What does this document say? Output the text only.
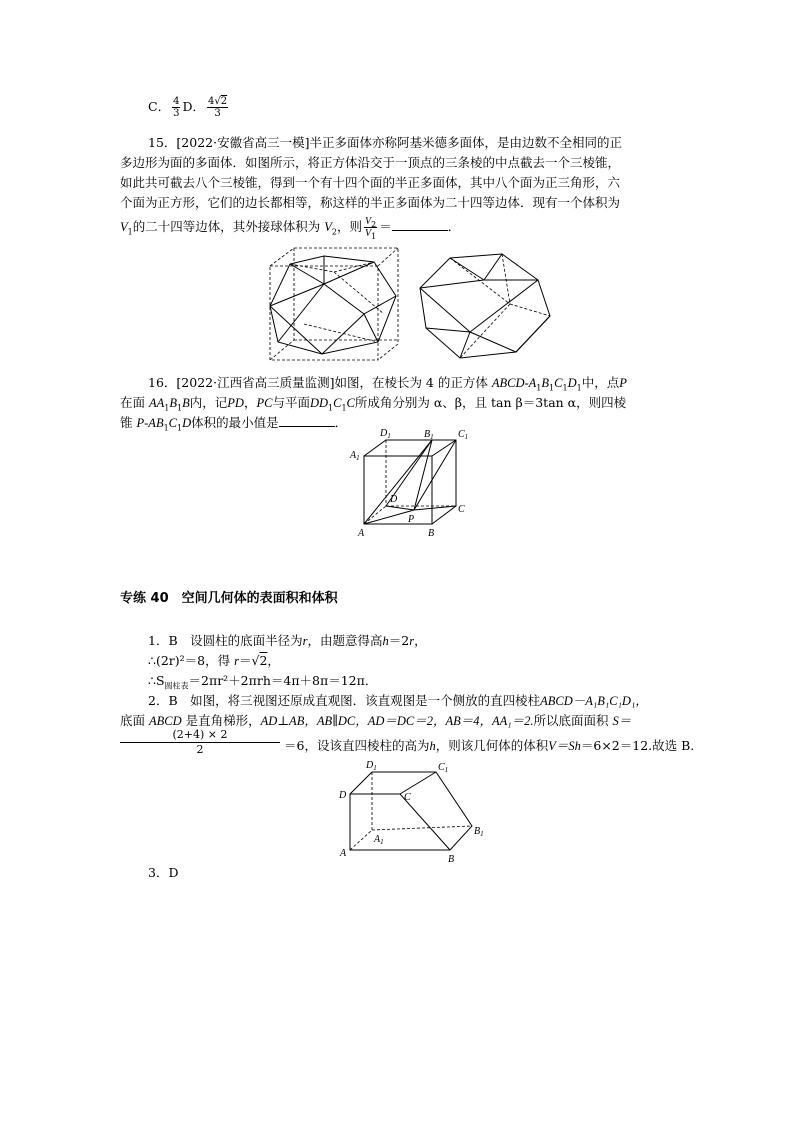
C． $\frac{4}{3}$ D． $\frac{4√2}{3}$
15．[2022·安徽省高三一模]半正多面体亦称阿基米德多面体，是由边数不全相同的正
多边形为面的多面体．如图所示，将正方体沿交于一顶点的三条棱的中点截去一个三棱锥，
如此共可截去八个三棱锥，得到一个有十四个面的半正多面体，其中八个面为正三角形，六
个面为正方形，它们的边长都相等，称这样的半正多面体为二十四等边体．现有一个体积为
$V_1$的二十四等边体，其外接球体积为 $V_2$，则 $\frac{V_2}{V_1}$ ＝	．
16．[2022·江西省高三质量监测]如图，在棱长为 4 的正方体 ABCD-$A_1B_1C_1D_1$中，点P
在面 $AA_1B_1B$内，记PD，PC与平面$DD_1C_1C$所成角分别为 α、β，且 tan β＝3tan α，则四棱
锥 $P-AB_1C_1D$体积的最小值是	．
$D_1$	$B_1$ $C_1$
$A_1$
D
C
A	B
P
专练 40　空间几何体的表面积和体积
1．B　设圆柱的底面半径为r，由题意得高h＝2r，
∴(2r)²＝8，得 r＝√2，
$\therefore S_{圆柱表}=2\pi r^2+2\pi rh=4\pi+8\pi=12\pi$．
2．B　如图，将三视图还原成直观图．该直观图是一个侧放的直四棱柱ABCD－A₁B₁C₁D₁，
底面 ABCD 是直角梯形，AD⊥AB，AB∥DC，AD＝DC＝2，AB＝4，AA₁＝2.所以底面面积 S＝
(2+4) × 2
2	＝6，设该直四棱柱的高为h，则该几何体的体积V＝Sh＝6×2＝12.故选 B.
$D_1$	$C_1$
D	C
$A_1$
$B_1$
A
B
3．D
